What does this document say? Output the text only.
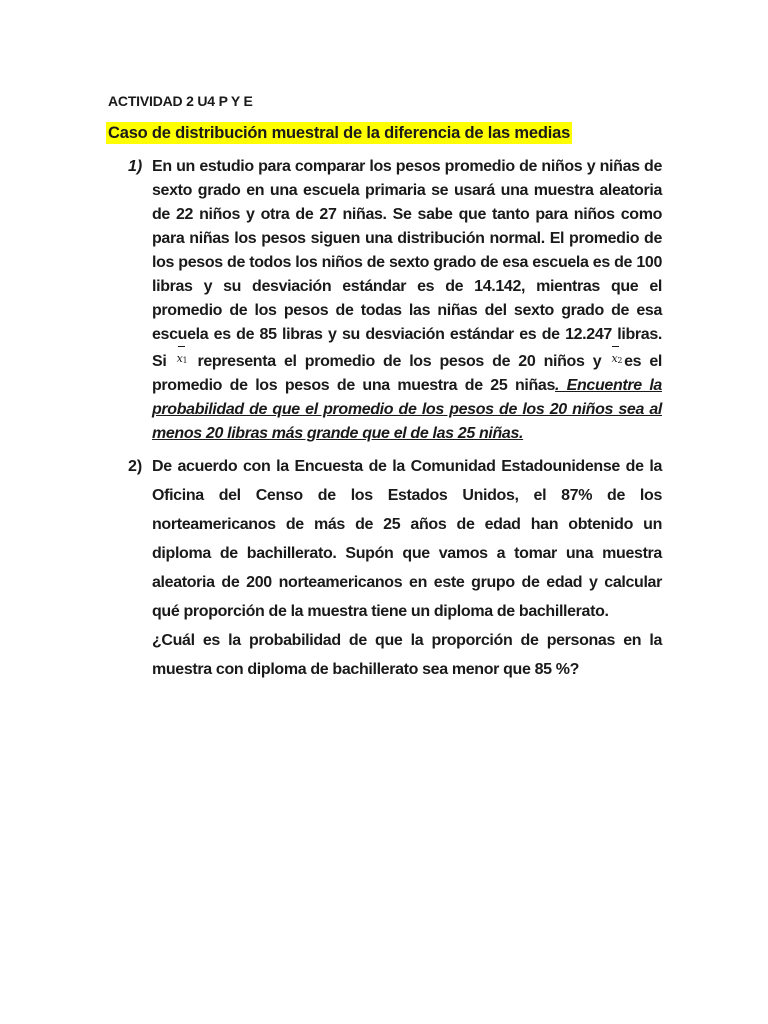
ACTIVIDAD 2 U4 P Y E
Caso de distribución muestral de la diferencia de las medias
1) En un estudio para comparar los pesos promedio de niños y niñas de sexto grado en una escuela primaria se usará una muestra aleatoria de 22 niños y otra de 27 niñas. Se sabe que tanto para niños como para niñas los pesos siguen una distribución normal. El promedio de los pesos de todos los niños de sexto grado de esa escuela es de 100 libras y su desviación estándar es de 14.142, mientras que el promedio de los pesos de todas las niñas del sexto grado de esa escuela es de 85 libras y su desviación estándar es de 12.247 libras. Si $x_1$ representa el promedio de los pesos de 20 niños y $x_2$ es el promedio de los pesos de una muestra de 25 niñas. Encuentre la probabilidad de que el promedio de los pesos de los 20 niños sea al menos 20 libras más grande que el de las 25 niñas.
2) De acuerdo con la Encuesta de la Comunidad Estadounidense de la Oficina del Censo de los Estados Unidos, el 87% de los norteamericanos de más de 25 años de edad han obtenido un diploma de bachillerato. Supón que vamos a tomar una muestra aleatoria de 200 norteamericanos en este grupo de edad y calcular qué proporción de la muestra tiene un diploma de bachillerato.
¿Cuál es la probabilidad de que la proporción de personas en la muestra con diploma de bachillerato sea menor que 85 %?
